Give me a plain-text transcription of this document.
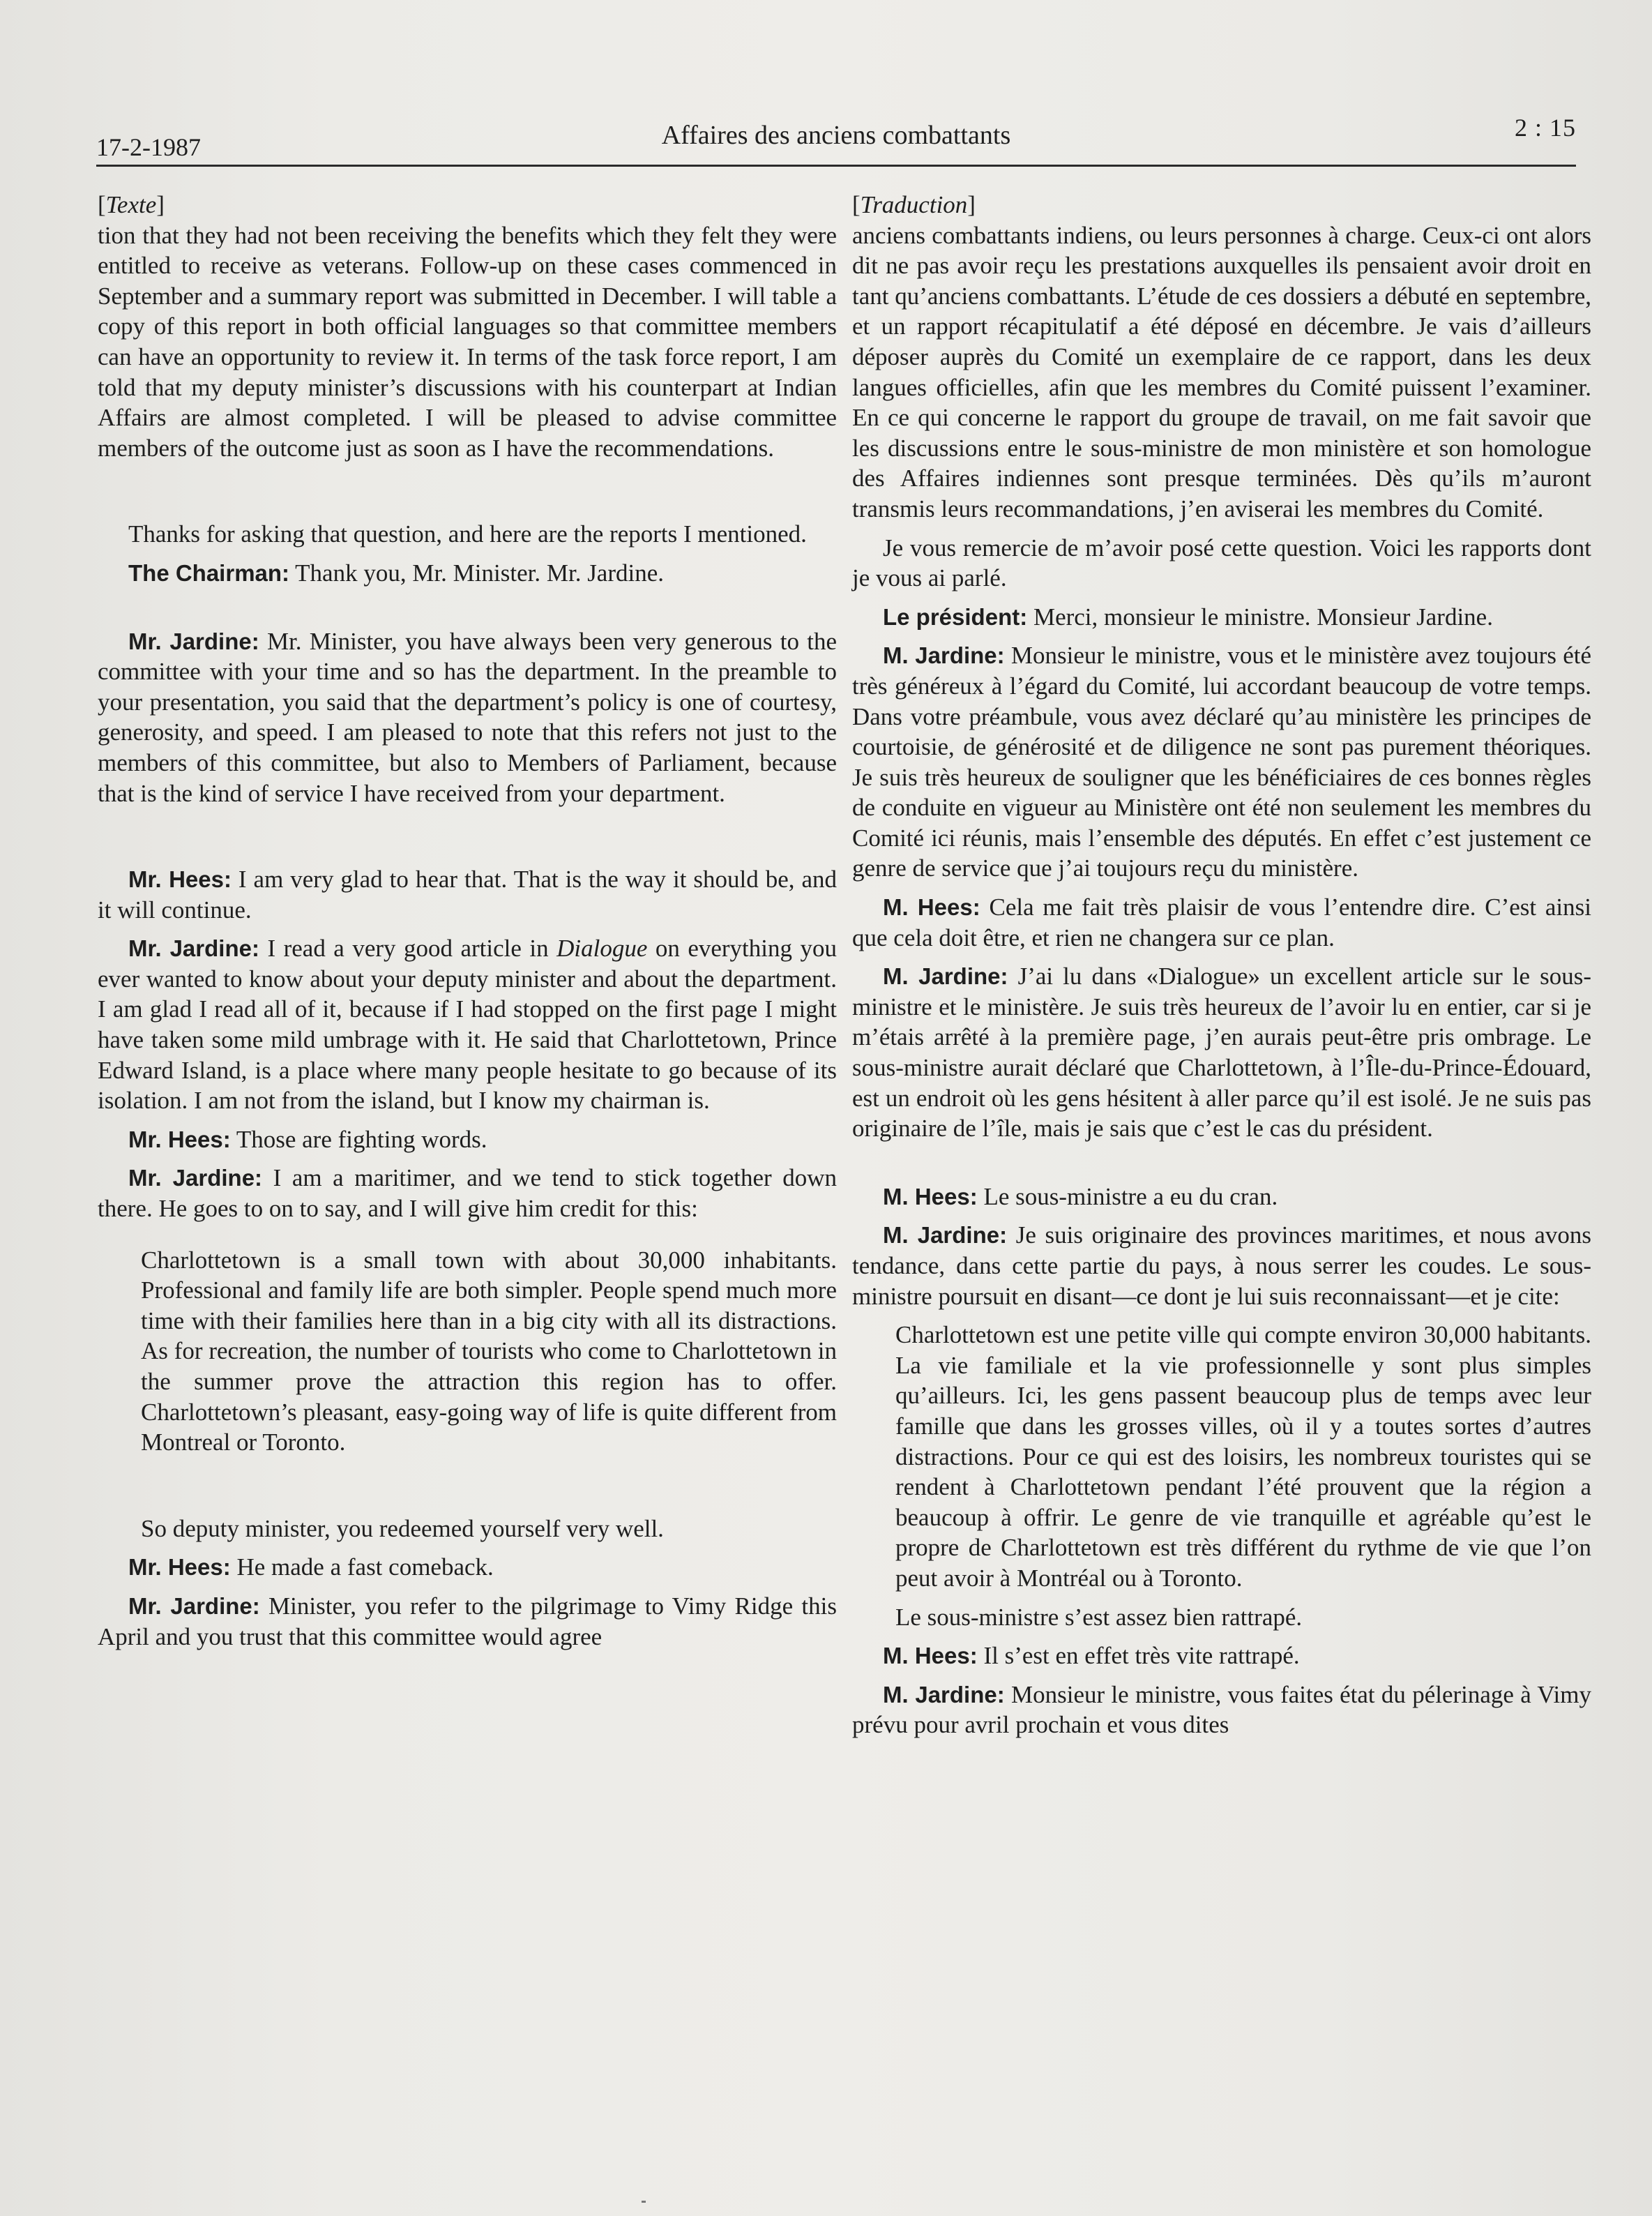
17-2-1987	Affaires des anciens combattants	2 : 15

[Texte]

tion that they had not been receiving the benefits which they felt they were entitled to receive as veterans. Follow-up on these cases commenced in September and a summary report was submitted in December. I will table a copy of this report in both official languages so that committee members can have an opportunity to review it. In terms of the task force report, I am told that my deputy minister’s discussions with his counterpart at Indian Affairs are almost completed. I will be pleased to advise committee members of the outcome just as soon as I have the recommendations.

Thanks for asking that question, and here are the reports I mentioned.

The Chairman: Thank you, Mr. Minister. Mr. Jardine.

Mr. Jardine: Mr. Minister, you have always been very generous to the committee with your time and so has the department. In the preamble to your presentation, you said that the department’s policy is one of courtesy, generosity, and speed. I am pleased to note that this refers not just to the members of this committee, but also to Members of Parliament, because that is the kind of service I have received from your department.

Mr. Hees: I am very glad to hear that. That is the way it should be, and it will continue.

Mr. Jardine: I read a very good article in Dialogue on everything you ever wanted to know about your deputy minister and about the department. I am glad I read all of it, because if I had stopped on the first page I might have taken some mild umbrage with it. He said that Charlottetown, Prince Edward Island, is a place where many people hesitate to go because of its isolation. I am not from the island, but I know my chairman is.

Mr. Hees: Those are fighting words.

Mr. Jardine: I am a maritimer, and we tend to stick together down there. He goes to on to say, and I will give him credit for this:

Charlottetown is a small town with about 30,000 inhabitants. Professional and family life are both simpler. People spend much more time with their families here than in a big city with all its distractions. As for recreation, the number of tourists who come to Charlottetown in the summer prove the attraction this region has to offer. Charlottetown’s pleasant, easy-going way of life is quite different from Montreal or Toronto.

So deputy minister, you redeemed yourself very well.

Mr. Hees: He made a fast comeback.

Mr. Jardine: Minister, you refer to the pilgrimage to Vimy Ridge this April and you trust that this committee would agree

[Traduction]

anciens combattants indiens, ou leurs personnes à charge. Ceux-ci ont alors dit ne pas avoir reçu les prestations auxquelles ils pensaient avoir droit en tant qu’anciens combattants. L’étude de ces dossiers a débuté en septembre, et un rapport récapitulatif a été déposé en décembre. Je vais d’ailleurs déposer auprès du Comité un exemplaire de ce rapport, dans les deux langues officielles, afin que les membres du Comité puissent l’examiner. En ce qui concerne le rapport du groupe de travail, on me fait savoir que les discussions entre le sous-ministre de mon ministère et son homologue des Affaires indiennes sont presque terminées. Dès qu’ils m’auront transmis leurs recommandations, j’en aviserai les membres du Comité.

Je vous remercie de m’avoir posé cette question. Voici les rapports dont je vous ai parlé.

Le président: Merci, monsieur le ministre. Monsieur Jardine.

M. Jardine: Monsieur le ministre, vous et le ministère avez toujours été très généreux à l’égard du Comité, lui accordant beaucoup de votre temps. Dans votre préambule, vous avez déclaré qu’au ministère les principes de courtoisie, de générosité et de diligence ne sont pas purement théoriques. Je suis très heureux de souligner que les bénéficiaires de ces bonnes règles de conduite en vigueur au Ministère ont été non seulement les membres du Comité ici réunis, mais l’ensemble des députés. En effet c’est justement ce genre de service que j’ai toujours reçu du ministère.

M. Hees: Cela me fait très plaisir de vous l’entendre dire. C’est ainsi que cela doit être, et rien ne changera sur ce plan.

M. Jardine: J’ai lu dans «Dialogue» un excellent article sur le sous-ministre et le ministère. Je suis très heureux de l’avoir lu en entier, car si je m’étais arrêté à la première page, j’en aurais peut-être pris ombrage. Le sous-ministre aurait déclaré que Charlottetown, à l’Île-du-Prince-Édouard, est un endroit où les gens hésitent à aller parce qu’il est isolé. Je ne suis pas originaire de l’île, mais je sais que c’est le cas du président.

M. Hees: Le sous-ministre a eu du cran.

M. Jardine: Je suis originaire des provinces maritimes, et nous avons tendance, dans cette partie du pays, à nous serrer les coudes. Le sous-ministre poursuit en disant—ce dont je lui suis reconnaissant—et je cite:

Charlottetown est une petite ville qui compte environ 30,000 habitants. La vie familiale et la vie professionnelle y sont plus simples qu’ailleurs. Ici, les gens passent beaucoup plus de temps avec leur famille que dans les grosses villes, où il y a toutes sortes d’autres distractions. Pour ce qui est des loisirs, les nombreux touristes qui se rendent à Charlottetown pendant l’été prouvent que la région a beaucoup à offrir. Le genre de vie tranquille et agréable qu’est le propre de Charlottetown est très différent du rythme de vie que l’on peut avoir à Montréal ou à Toronto.

Le sous-ministre s’est assez bien rattrapé.

M. Hees: Il s’est en effet très vite rattrapé.

M. Jardine: Monsieur le ministre, vous faites état du pélerinage à Vimy prévu pour avril prochain et vous dites
